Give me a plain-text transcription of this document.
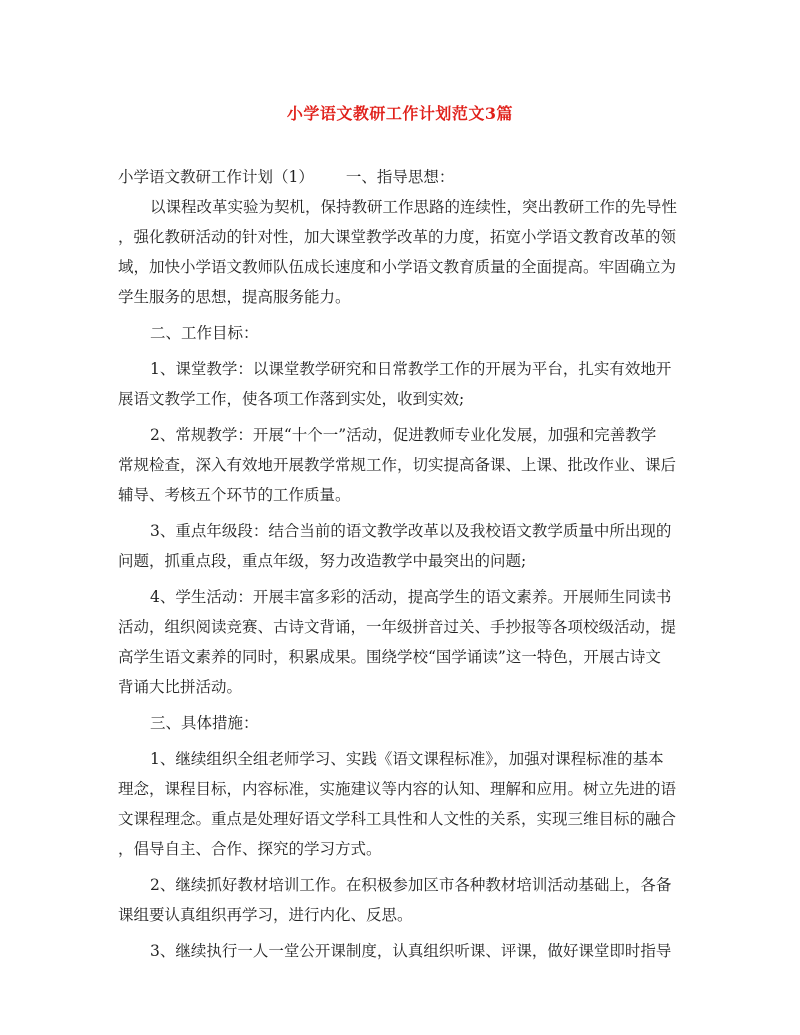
小学语文教研工作计划范文3篇
小学语文教研工作计划（1） 一、指导思想：
以课程改革实验为契机，保持教研工作思路的连续性，突出教研工作的先导性
，强化教研活动的针对性，加大课堂教学改革的力度，拓宽小学语文教育改革的领
域，加快小学语文教师队伍成长速度和小学语文教育质量的全面提高。牢固确立为
学生服务的思想，提高服务能力。
二、工作目标：
1、课堂教学：以课堂教学研究和日常教学工作的开展为平台，扎实有效地开
展语文教学工作，使各项工作落到实处，收到实效;
2、常规教学：开展“十个一”活动，促进教师专业化发展，加强和完善教学
常规检查，深入有效地开展教学常规工作，切实提高备课、上课、批改作业、课后
辅导、考核五个环节的工作质量。
3、重点年级段：结合当前的语文教学改革以及我校语文教学质量中所出现的
问题，抓重点段，重点年级，努力改造教学中最突出的问题;
4、学生活动：开展丰富多彩的活动，提高学生的语文素养。开展师生同读书
活动，组织阅读竞赛、古诗文背诵，一年级拼音过关、手抄报等各项校级活动，提
高学生语文素养的同时，积累成果。围绕学校“国学诵读”这一特色，开展古诗文
背诵大比拼活动。
三、具体措施：
1、继续组织全组老师学习、实践《语文课程标准》，加强对课程标准的基本
理念，课程目标，内容标准，实施建议等内容的认知、理解和应用。树立先进的语
文课程理念。重点是处理好语文学科工具性和人文性的关系，实现三维目标的融合
，倡导自主、合作、探究的学习方式。
2、继续抓好教材培训工作。在积极参加区市各种教材培训活动基础上，各备
课组要认真组织再学习，进行内化、反思。
3、继续执行一人一堂公开课制度，认真组织听课、评课，做好课堂即时指导
